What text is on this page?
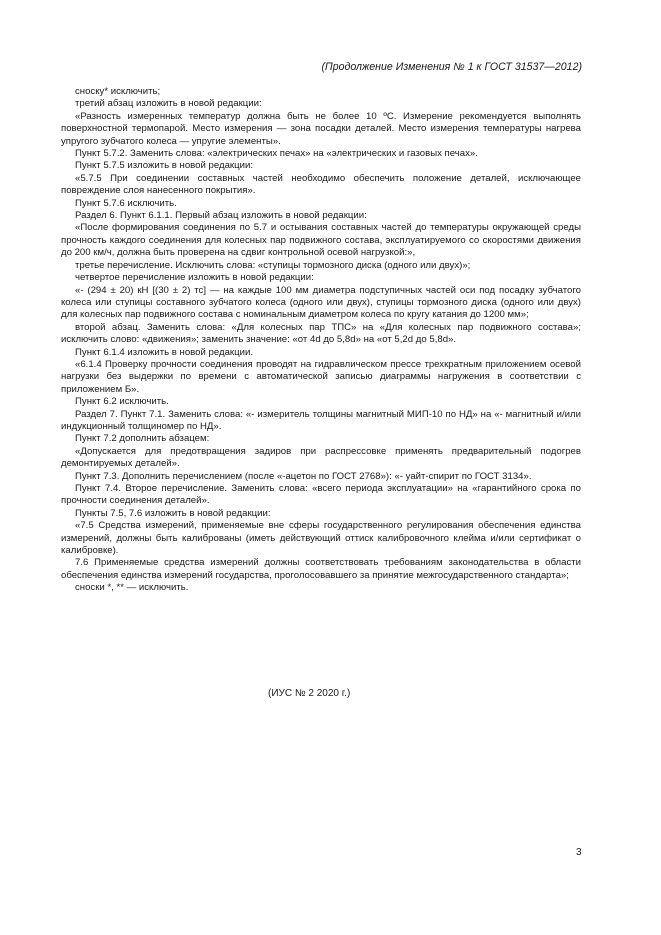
(Продолжение Изменения № 1 к ГОСТ 31537—2012)

сноску* исключить;

третий абзац изложить в новой редакции:

«Разность измеренных температур должна быть не более 10 ºС. Измерение рекомендуется выполнять поверхностной термопарой. Место измерения — зона посадки деталей. Место измерения температуры нагрева упругого зубчатого колеса — упругие элементы».

Пункт 5.7.2. Заменить слова: «электрических печах» на «электрических и газовых печах».

Пункт 5.7.5 изложить в новой редакции:

«5.7.5 При соединении составных частей необходимо обеспечить положение деталей, исключающее повреждение слоя нанесенного покрытия».

Пункт 5.7.6 исключить.

Раздел 6. Пункт 6.1.1. Первый абзац изложить в новой редакции:

«После формирования соединения по 5.7 и остывания составных частей до температуры окружающей среды прочность каждого соединения для колесных пар подвижного состава, эксплуатируемого со скоростями движения до 200 км/ч, должна быть проверена на сдвиг контрольной осевой нагрузкой:»,

третье перечисление. Исключить слова: «ступицы тормозного диска (одного или двух)»;

четвертое перечисление изложить в новой редакции:

«- (294 ± 20) кН [(30 ± 2) тс] — на каждые 100 мм диаметра подступичных частей оси под посадку зубчатого колеса или ступицы составного зубчатого колеса (одного или двух), ступицы тормозного диска (одного или двух) для колесных пар подвижного состава с номинальным диаметром колеса по кругу катания до 1200 мм»;

второй абзац. Заменить слова: «Для колесных пар ТПС» на «Для колесных пар подвижного состава»; исключить слово: «движения»; заменить значение: «от 4d до 5,8d» на «от 5,2d до 5,8d».

Пункт 6.1.4 изложить в новой редакции.

«6.1.4 Проверку прочности соединения проводят на гидравлическом прессе трехкратным приложением осевой нагрузки без выдержки по времени с автоматической записью диаграммы нагружения в соответствии с приложением Б».

Пункт 6.2 исключить.

Раздел 7. Пункт 7.1. Заменить слова: «- измеритель толщины магнитный МИП-10 по НД» на «- магнитный и/или индукционный толщиномер по НД».

Пункт 7.2 дополнить абзацем:

«Допускается для предотвращения задиров при распрессовке применять предварительный подогрев демонтируемых деталей».

Пункт 7.3. Дополнить перечислением (после «-ацетон по ГОСТ 2768»): «- уайт-спирит по ГОСТ 3134».

Пункт 7.4. Второе перечисление. Заменить слова: «всего периода эксплуатации» на «гарантийного срока по прочности соединения деталей».

Пункты 7.5, 7.6 изложить в новой редакции:

«7.5 Средства измерений, применяемые вне сферы государственного регулирования обеспечения единства измерений, должны быть калиброваны (иметь действующий оттиск калибровочного клейма и/или сертификат о калибровке).

7.6 Применяемые средства измерений должны соответствовать требованиям законодательства в области обеспечения единства измерений государства, проголосовавшего за принятие межгосударственного стандарта»;

сноски *, ** — исключить.

(ИУС № 2 2020 г.)
3
